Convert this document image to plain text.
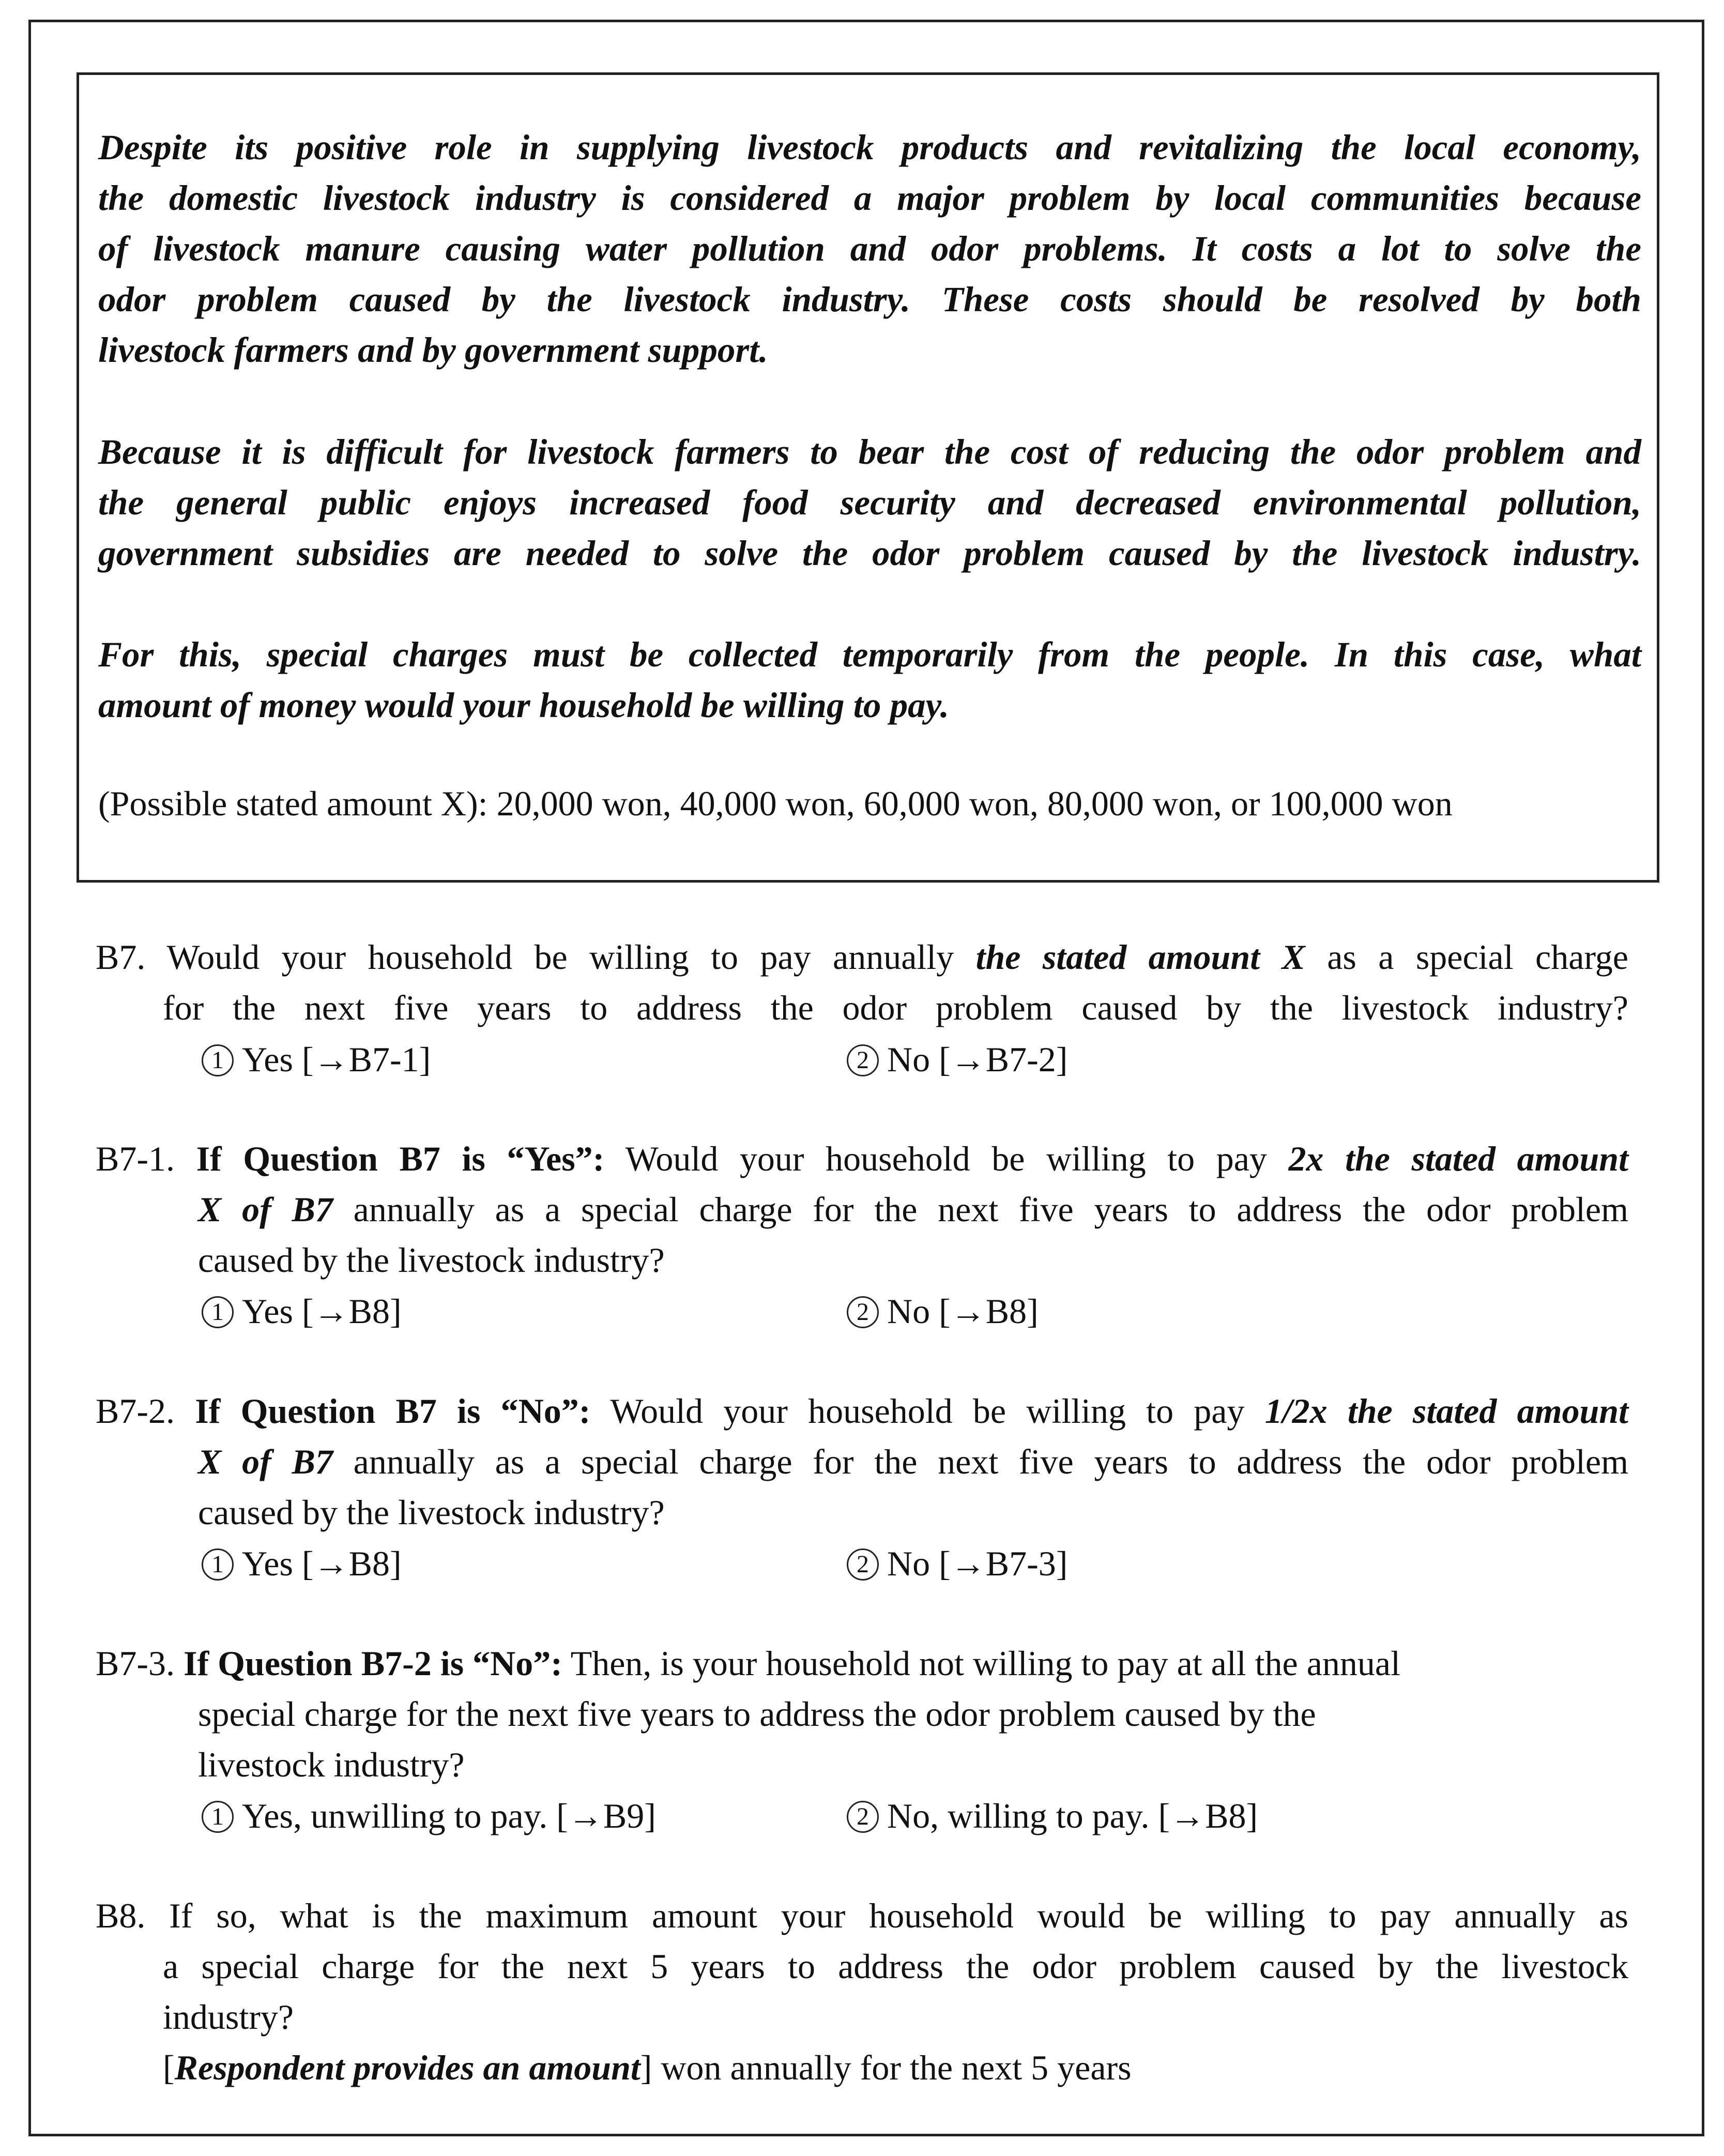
Despite its positive role in supplying livestock products and revitalizing the local economy,
the domestic livestock industry is considered a major problem by local communities because
of livestock manure causing water pollution and odor problems. It costs a lot to solve the
odor problem caused by the livestock industry. These costs should be resolved by both
livestock farmers and by government support.
Because it is difficult for livestock farmers to bear the cost of reducing the odor problem and
the general public enjoys increased food security and decreased environmental pollution,
government subsidies are needed to solve the odor problem caused by the livestock industry.
For this, special charges must be collected temporarily from the people. In this case, what
amount of money would your household be willing to pay.

(Possible stated amount X): 20,000 won, 40,000 won, 60,000 won, 80,000 won, or 100,000 won

B7. Would your household be willing to pay annually the stated amount X as a special charge
for the next five years to address the odor problem caused by the livestock industry?
1 Yes [→B7-1]	2 No [→B7-2]
B7-1. If Question B7 is “Yes”: Would your household be willing to pay 2x the stated amount
X of B7 annually as a special charge for the next five years to address the odor problem
caused by the livestock industry?
1 Yes [→B8]	2 No [→B8]
B7-2. If Question B7 is “No”: Would your household be willing to pay 1/2x the stated amount
X of B7 annually as a special charge for the next five years to address the odor problem
caused by the livestock industry?
1 Yes [→B8]	2 No [→B7-3]
B7-3. If Question B7-2 is “No”: Then, is your household not willing to pay at all the annual
special charge for the next five years to address the odor problem caused by the
livestock industry?
1 Yes, unwilling to pay. [→B9]	2 No, willing to pay. [→B8]
B8. If so, what is the maximum amount your household would be willing to pay annually as
a special charge for the next 5 years to address the odor problem caused by the livestock
industry?
[Respondent provides an amount] won annually for the next 5 years
